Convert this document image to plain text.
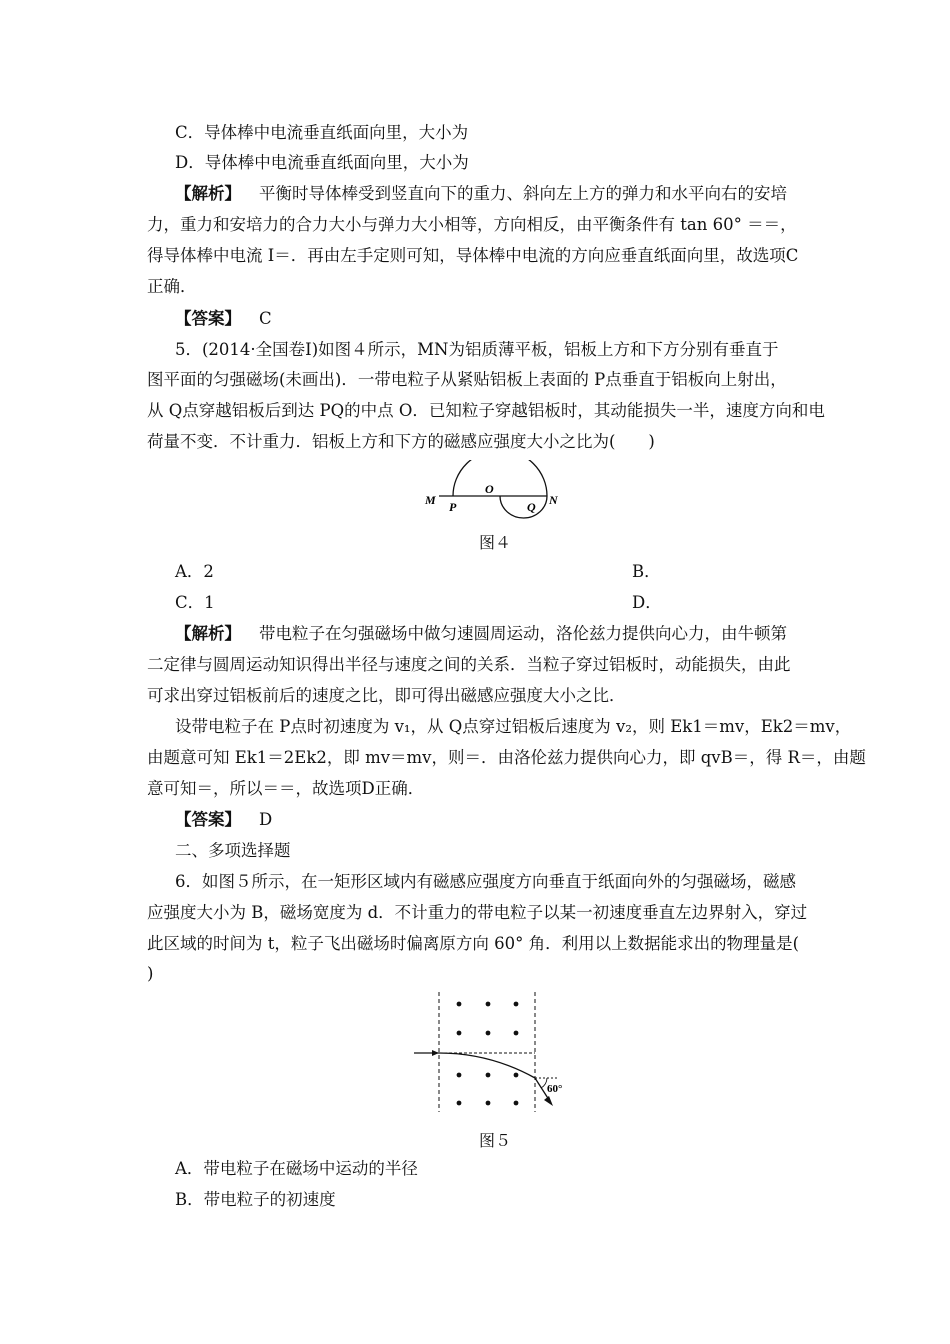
C．导体棒中电流垂直纸面向里，大小为
D．导体棒中电流垂直纸面向里，大小为
【解析】 平衡时导体棒受到竖直向下的重力、斜向左上方的弹力和水平向右的安培
力，重力和安培力的合力大小与弹力大小相等，方向相反，由平衡条件有 tan 60° ＝＝，
得导体棒中电流 I＝．再由左手定则可知，导体棒中电流的方向应垂直纸面向里，故选项C
正确．
【答案】 C
5．(2014·全国卷Ⅰ)如图４所示，MN为铝质薄平板，铝板上方和下方分别有垂直于
图平面的匀强磁场(未画出)．一带电粒子从紧贴铝板上表面的 P点垂直于铝板向上射出，
从 Q点穿越铝板后到达 PQ的中点 O．已知粒子穿越铝板时，其动能损失一半，速度方向和电
荷量不变．不计重力．铝板上方和下方的磁感应强度大小之比为(　　)
M P
O
Q N
图４
A．2	B．
C．1	D．
【解析】 带电粒子在匀强磁场中做匀速圆周运动，洛伦兹力提供向心力，由牛顿第
二定律与圆周运动知识得出半径与速度之间的关系．当粒子穿过铝板时，动能损失，由此
可求出穿过铝板前后的速度之比，即可得出磁感应强度大小之比．
设带电粒子在 P点时初速度为 v₁，从 Q点穿过铝板后速度为 v₂，则 Ek1＝mv，Ek2＝mv，
由题意可知 Ek1＝2Ek2，即 mv＝mv，则＝．由洛伦兹力提供向心力，即 qvB＝，得 R＝，由题
意可知＝，所以＝＝，故选项D正确．
【答案】 D
二、多项选择题
6．如图５所示，在一矩形区域内有磁感应强度方向垂直于纸面向外的匀强磁场，磁感
应强度大小为 B，磁场宽度为 d．不计重力的带电粒子以某一初速度垂直左边界射入，穿过
此区域的时间为 t，粒子飞出磁场时偏离原方向 60° 角．利用以上数据能求出的物理量是(
)
60°
图５
A．带电粒子在磁场中运动的半径
B．带电粒子的初速度
